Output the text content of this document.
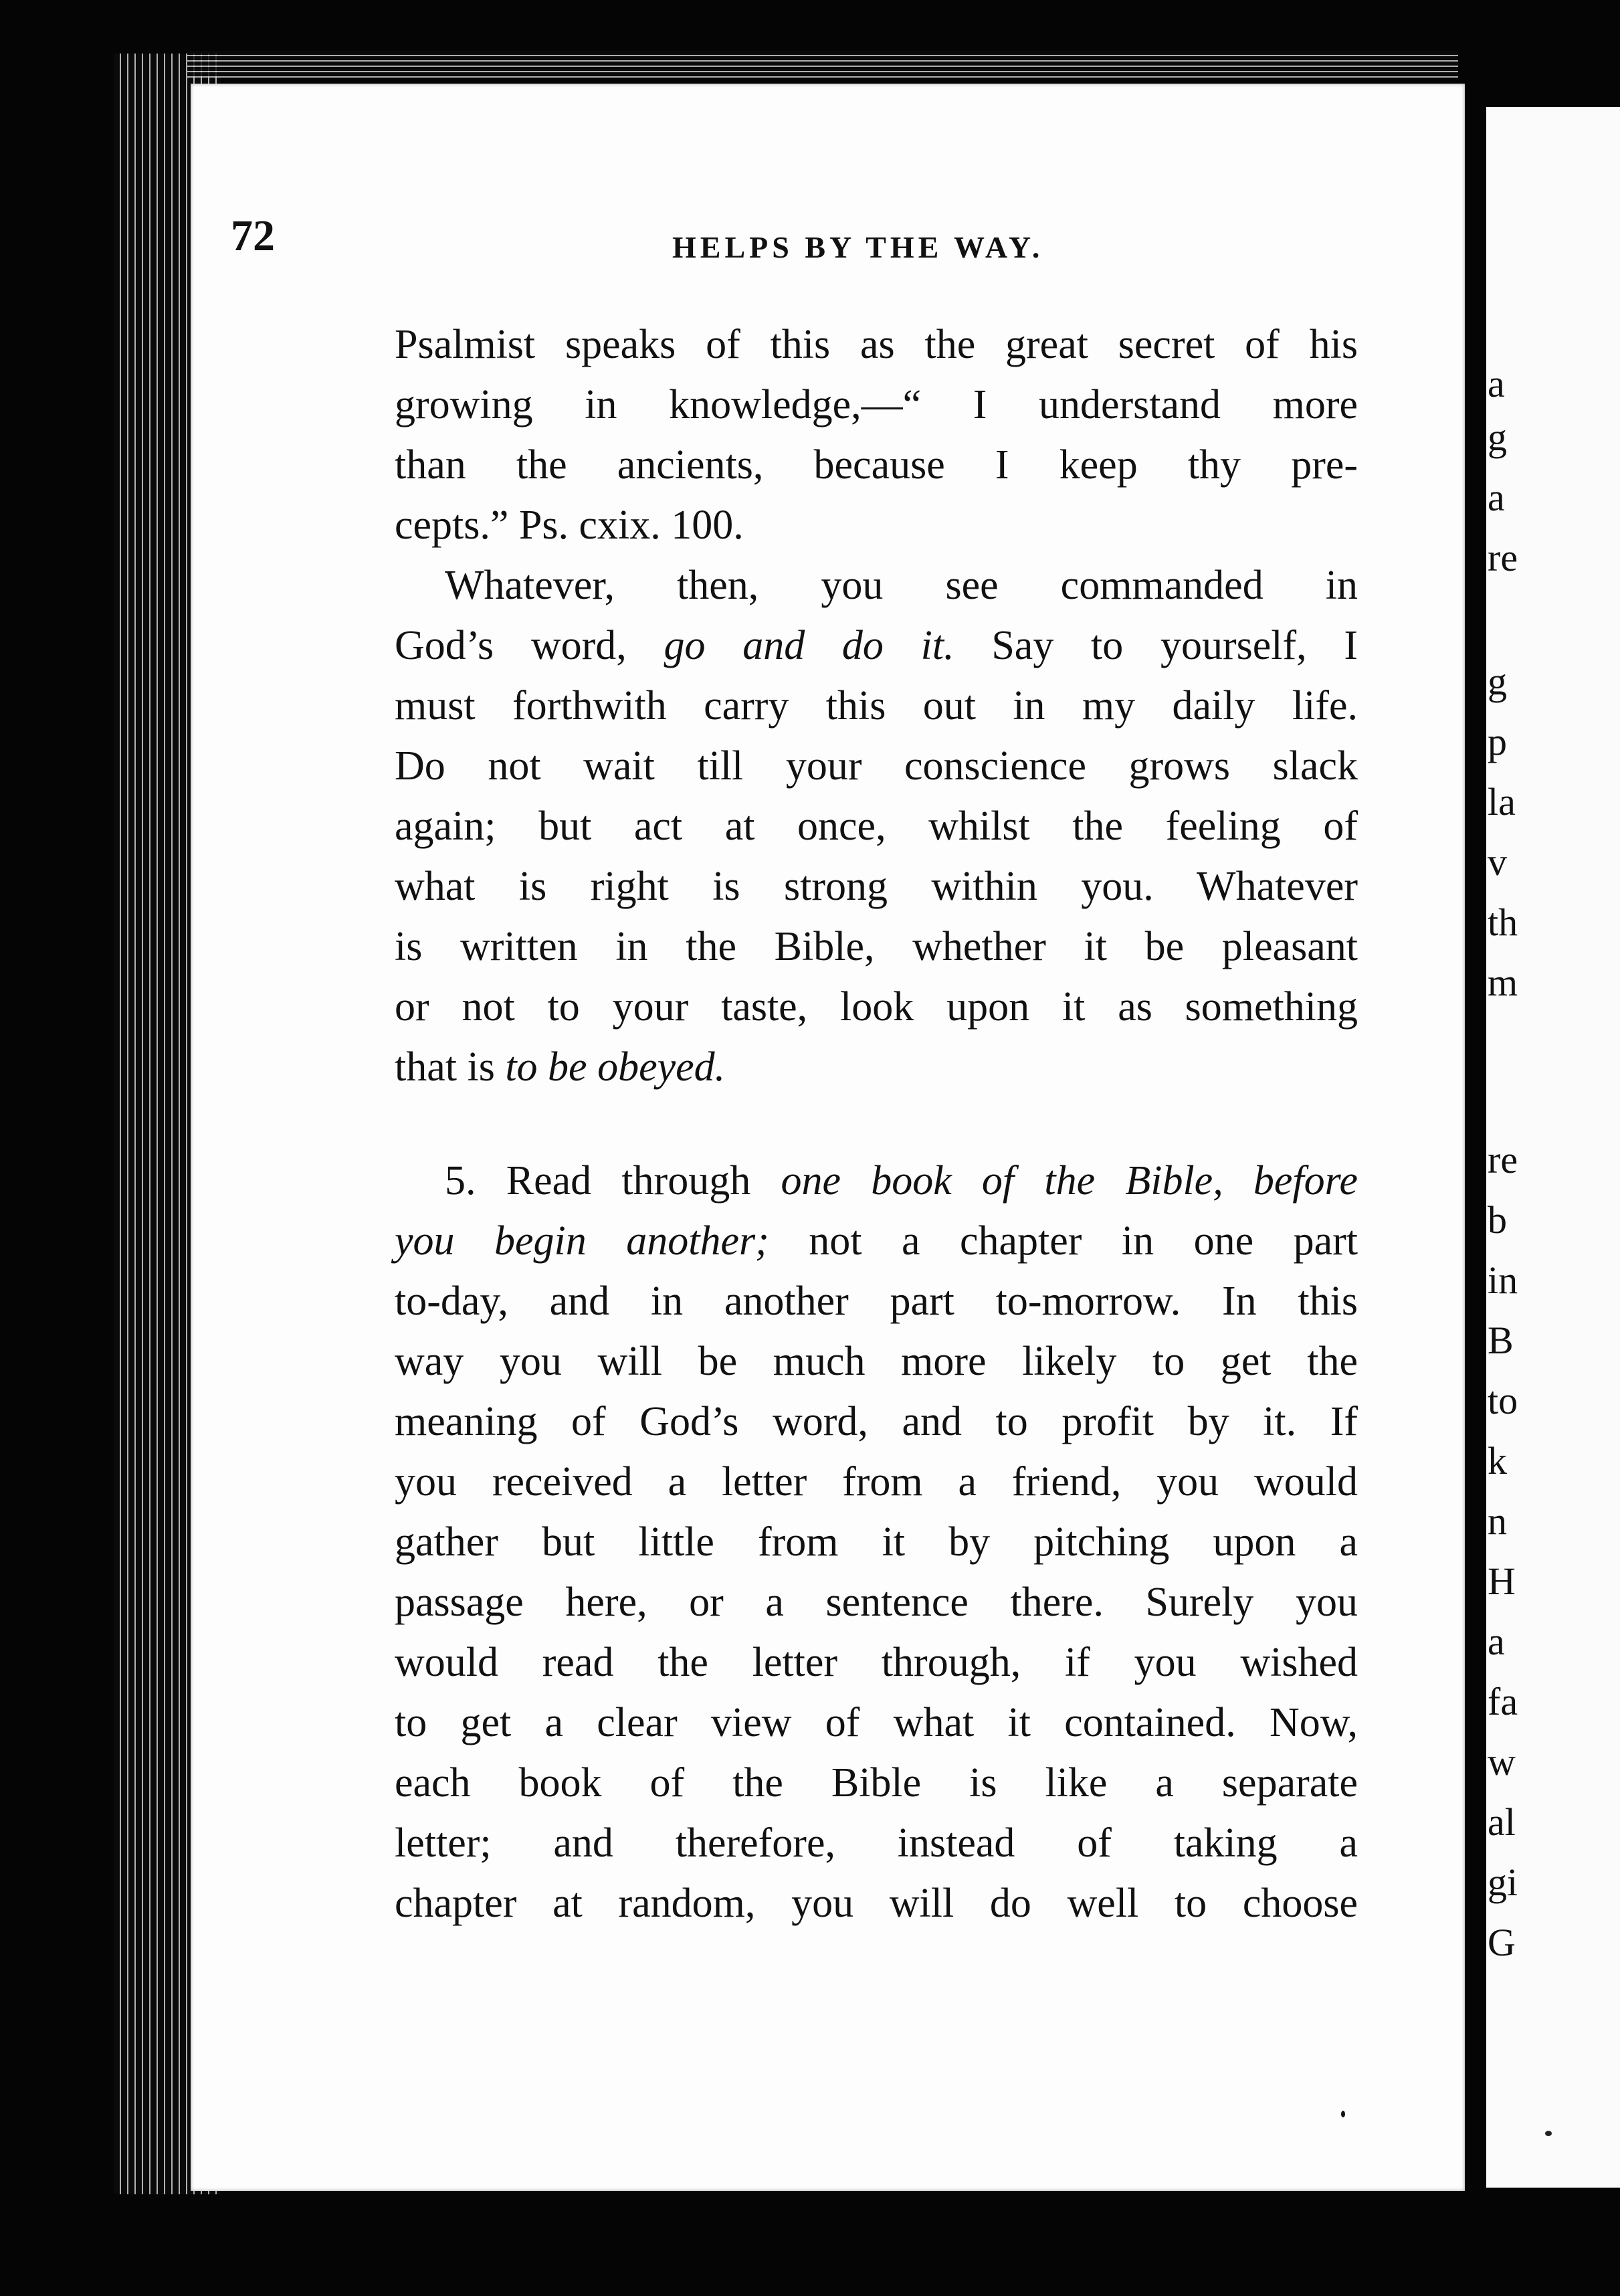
a
g
a
re
g
p
la
v
th
m
re
b
in
B
to
k
n
H
a
fa
w
al
gi
G
72	HELPS BY THE WAY.
Psalmist speaks of this as the great secret of his
growing in knowledge,—“ I understand more
than the ancients, because I keep thy pre-
cepts.” Ps. cxix. 100.
Whatever, then, you see commanded in
God’s word, go and do it. Say to yourself, I
must forthwith carry this out in my daily life.
Do not wait till your conscience grows slack
again; but act at once, whilst the feeling of
what is right is strong within you. Whatever
is written in the Bible, whether it be pleasant
or not to your taste, look upon it as something
that is to be obeyed.
5. Read through one book of the Bible, before
you begin another; not a chapter in one part
to-day, and in another part to-morrow. In this
way you will be much more likely to get the
meaning of God’s word, and to profit by it. If
you received a letter from a friend, you would
gather but little from it by pitching upon a
passage here, or a sentence there. Surely you
would read the letter through, if you wished
to get a clear view of what it contained. Now,
each book of the Bible is like a separate
letter; and therefore, instead of taking a
chapter at random, you will do well to choose
